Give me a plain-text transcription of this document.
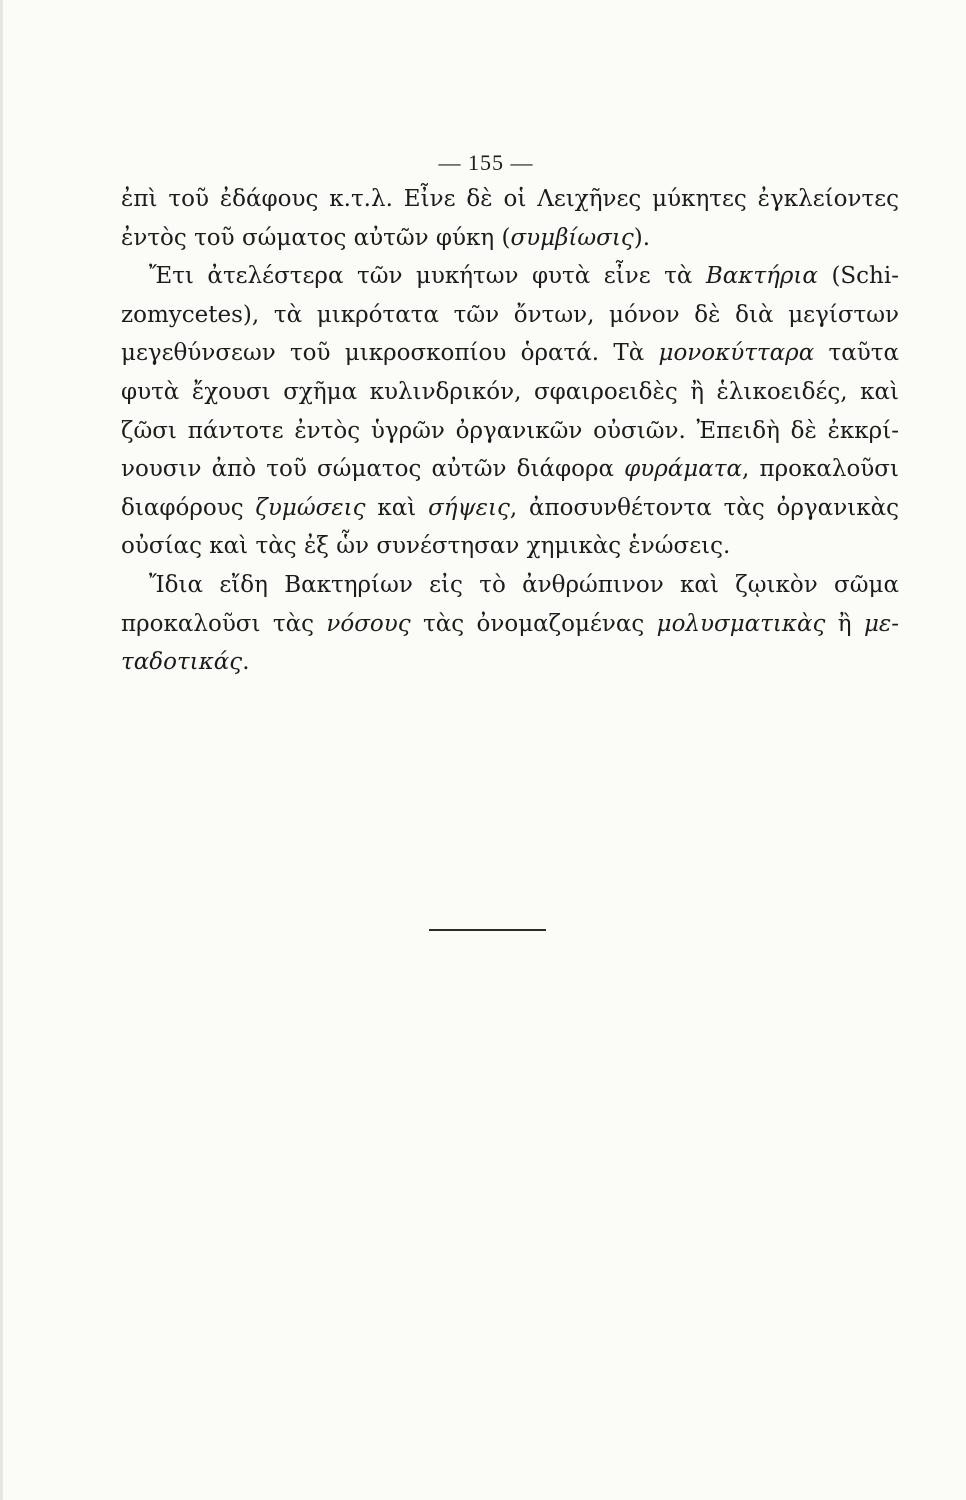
— 155 —
ἐπὶ τοῦ ἐδάφους κ.τ.λ. Εἶνε δὲ οἱ Λειχῆνες μύκητες ἐγκλείοντες
ἐντὸς τοῦ σώματος αὐτῶν φύκη (συμβίωσις).
Ἔτι ἀτελέστερα τῶν μυκήτων φυτὰ εἶνε τὰ Βακτήρια (Schi-
zomycetes), τὰ μικρότατα τῶν ὄντων, μόνον δὲ διὰ μεγίστων
μεγεθύνσεων τοῦ μικροσκοπίου ὁρατά. Τὰ μονοκύτταρα ταῦτα
φυτὰ ἔχουσι σχῆμα κυλινδρικόν, σφαιροειδὲς ἢ ἑλικοειδές, καὶ
ζῶσι πάντοτε ἐντὸς ὑγρῶν ὀργανικῶν οὐσιῶν. Ἐπειδὴ δὲ ἐκκρί-
νουσιν ἀπὸ τοῦ σώματος αὐτῶν διάφορα φυράματα, προκαλοῦσι
διαφόρους ζυμώσεις καὶ σήψεις, ἀποσυνθέτοντα τὰς ὀργανικὰς
οὐσίας καὶ τὰς ἐξ ὧν συνέστησαν χημικὰς ἑνώσεις.
Ἴδια εἴδη Βακτηρίων εἰς τὸ ἀνθρώπινον καὶ ζῳικὸν σῶμα
προκαλοῦσι τὰς νόσους τὰς ὀνομαζομένας μολυσματικὰς ἢ με-
ταδοτικάς.
